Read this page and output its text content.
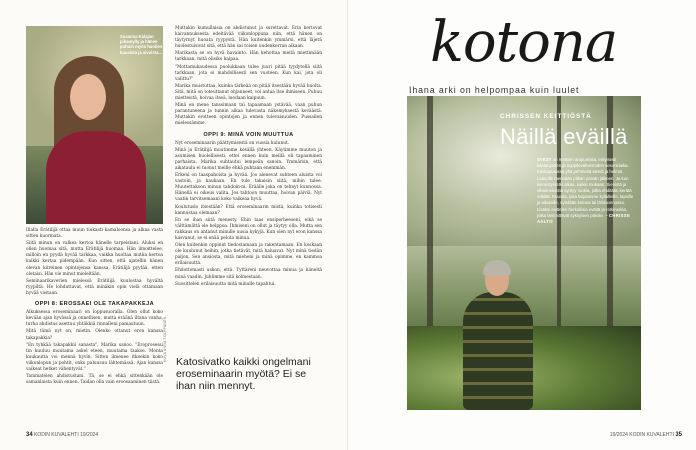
Susanna Kalajan pihamylly ja hänen puhuin myös huolien kuusista ja aivoista...

Illalla Erätilijä ottaa muun tiukasti kamaloonsa ja alkaa vasta sitten kuormata.

Siitä minun on valkea kertoa hänelle tarpeistani. Aluksi en ollen huomaa sitä, mutta Erätilijä huomaa. Hän ilmoittelee, milloin en pyydä hyvää tarkkaa, vaikka huoltaa mutka kertoa kaikki kertaa pidempään. Kun sitten, että ajatellin hänen olevan kiireinen opintojensa kanssa, Erätilijä pyytää, etten oletaisi. Hän vie minut mieleltään.

Seminaarikaverien mielessä Erätilijä kuulostaa hyvältä ryypiltä. He lohduttavat, että minäkin opin vielä ottamaan hyvää vastaan.

OPPI 8: EROSSAEI OLE TAKAPAKKEJA

Alkuksessa eroseminaari on loppusuoralla. Olen ollut koko kevään ajan hyvässä ja onnellisen, mutta eräänä iltana vanha, turha ahdistus asettuu yhtäkkiä rinnalleni pamautuun.

Mitä tämä nyt on, mietin. Olenko ottanut eron kanssa takapakkia?

"En tyhkää takapakkii sanasta", Marika sanoo. "Eroprosessi tin kuuluu muutama askel eteen, muutama taakse. Monta kuukautta voi mennä hyvin. Sitten ilmenee itkeekin koko viikonlopun ja pohtit, onko paluusuu lähtemässä. Ajan kanssa vaikeat hetket vähentyvät."

Tammatelen ahdistustani. Tä, se ei ehkä sittenkään ole samanlaista kuin ennen. Taidan olla vain eroosaaminen tiistä.

Muttakin kumullaisia on ahdistunut ja surettavat. Erin kertovat kaivannuksesta edeltävää viikonloppuna niin, että hänen on täytyrnyt huoata ryypystä. Hän kuitenkin ymmärsi, että läjerä huolestuisivat sitä, että hän sai toisen uudenkerran alkaan.

Marikasta se on hyvä havainto. Hän kehottaa meitä miettimään tarkkaan, mitä olisiko kaipaa.

"Mottamukaudessa puolukkaan tulee juuri pitää tyydytellä siitä tarkkaan, jota ei mahdollisesti sen vuoteen. Kun kai, jota oli valittu?"

Marika muistuttaa, kuinka tärkeää on pitää itsestään hyvää huolta. Sitä, mitä on toteuttanut ohjanneet, voi antaa itse ihmiseen. Puhuu mietteistä, hoivaa itseä, luodaan kaipuun.

Minä en mene tanssimaan tai tapaamaan ystävää, vaan puhun parantuneena ja tunnin aikaa tulevasta näkemyksestä keväästä. Muttakin erotteen opintojen ja ennen tulevaisuuden. Pussailen mielessämme.

OPPI 9: MINÄ VOIN MUUTTUA

Nyt eroseminaarin päättymisestä on vuosia kulunut.

Minä ja Erätilijä muutimme kesällä yhteen. Käytimme muuton ja asumisen huolellisesti, ettei ennen kuin meillä oli tapaaminen parhaista. Marika suhtautui lempeän sanoin. Ymmärsin, että aikataulu ei tuonut meille ehkä puhtaan enemmän.

Erkeni on taaspahoista ja hyvää. Jos alenevat suhteen aluista voi vastoin, ja kaukaan. En tule takaisin siitä, mihin tulee. Muutettakoon minun tahdoin-ni. Eräälle joka on tehnyt kunnossa. Hänellä ei oikeus valita. Jos tahtoon muuttaa, hoivan päiviä. Nyt vaatin tarvitsemaani koko vaikeaa hyvä.

Koulutuslo itsestään? Että eroseminaarin mistä, kuinka totisesti kannustaa olemaan?

En se ihan siitä menesty. Ehin taas ensiperheeseni, eikä se välttämättä ole helppoa. Ihmiseni on ollut ja täytyy olla. Mutta sen rakkaus on antanut minulle uusia kykyjä. Kun olen nyt eron kanssa kasvanut, se ei enää pelota minua.

Olen kuitenkin oppinut tiedostamaan ja rakentamaan. En koskaan ole kuulunut heihin, jotka tietävät, mitä haluavat. Nyt minä tiedän paljon. Sen ansiosta, mitä mieheni ja minä opimme, en kammoa erilaisuutta.

Ehdottomasti uskon, että. Tyttäreni neuvottaa minua ja häneltä minä vaadin. Juhlimme sitä kolmestaan.

Suosittelen erilaisuutta mitä minulle tapahtui.

KUVA ANNA TOLPPANEN Katosivatko kaikki ongelmani eroseminaarin myötä? Ei se ihan niin mennyt.
34 KODIN KUVALEHTI 19/2024
kotona
Ihana arki on helpompaa kuin luulet
CHRISSEN KEITTIÖSTÄ
Näillä eväillä
SYKSY on metsien ampumista, erityisesti kastanjoiden ja suppilovahveroiden sesonkiaika. Kukkapurossa yhä pehmeitä sieniä ja helmiä. Laiturille mennään pitkän päivän jälkeen. Ja kun sienestysretki alkaa, kaikki mukaan. Sienistä ja vihanneksista syntyy ruokia, jotka ehditään kerätä retkiltä. Ruuista, joita tarjoamme kyläilleille, lapsille ja aikuisille, syödään kotona tai lähiluonnossa. Lisäksi esittelen herkullisia eväitä ja retkiruokia, jotka lämmittävät syksyisen päivän. – CHRISSE AALTO
19/2024 KODIN KUVALEHTI 35
